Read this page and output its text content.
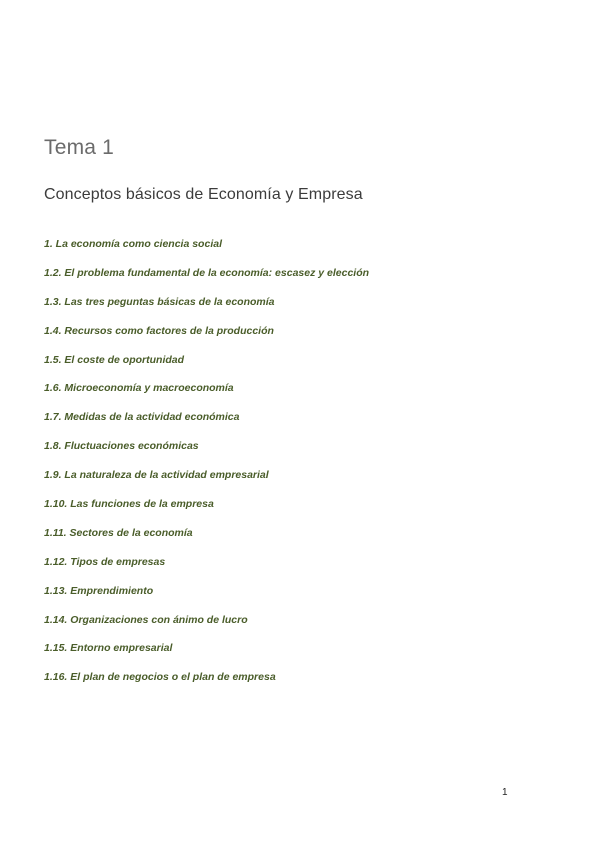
Tema 1
Conceptos básicos de Economía y Empresa
1. La economía como ciencia social
1.2. El problema fundamental de la economía: escasez y elección
1.3. Las tres peguntas básicas de la economía
1.4. Recursos como factores de la producción
1.5. El coste de oportunidad
1.6. Microeconomía y macroeconomía
1.7. Medidas de la actividad económica
1.8. Fluctuaciones económicas
1.9. La naturaleza de la actividad empresarial
1.10. Las funciones de la empresa
1.11. Sectores de la economía
1.12. Tipos de empresas
1.13. Emprendimiento
1.14. Organizaciones con ánimo de lucro
1.15. Entorno empresarial
1.16. El plan de negocios o el plan de empresa
1
